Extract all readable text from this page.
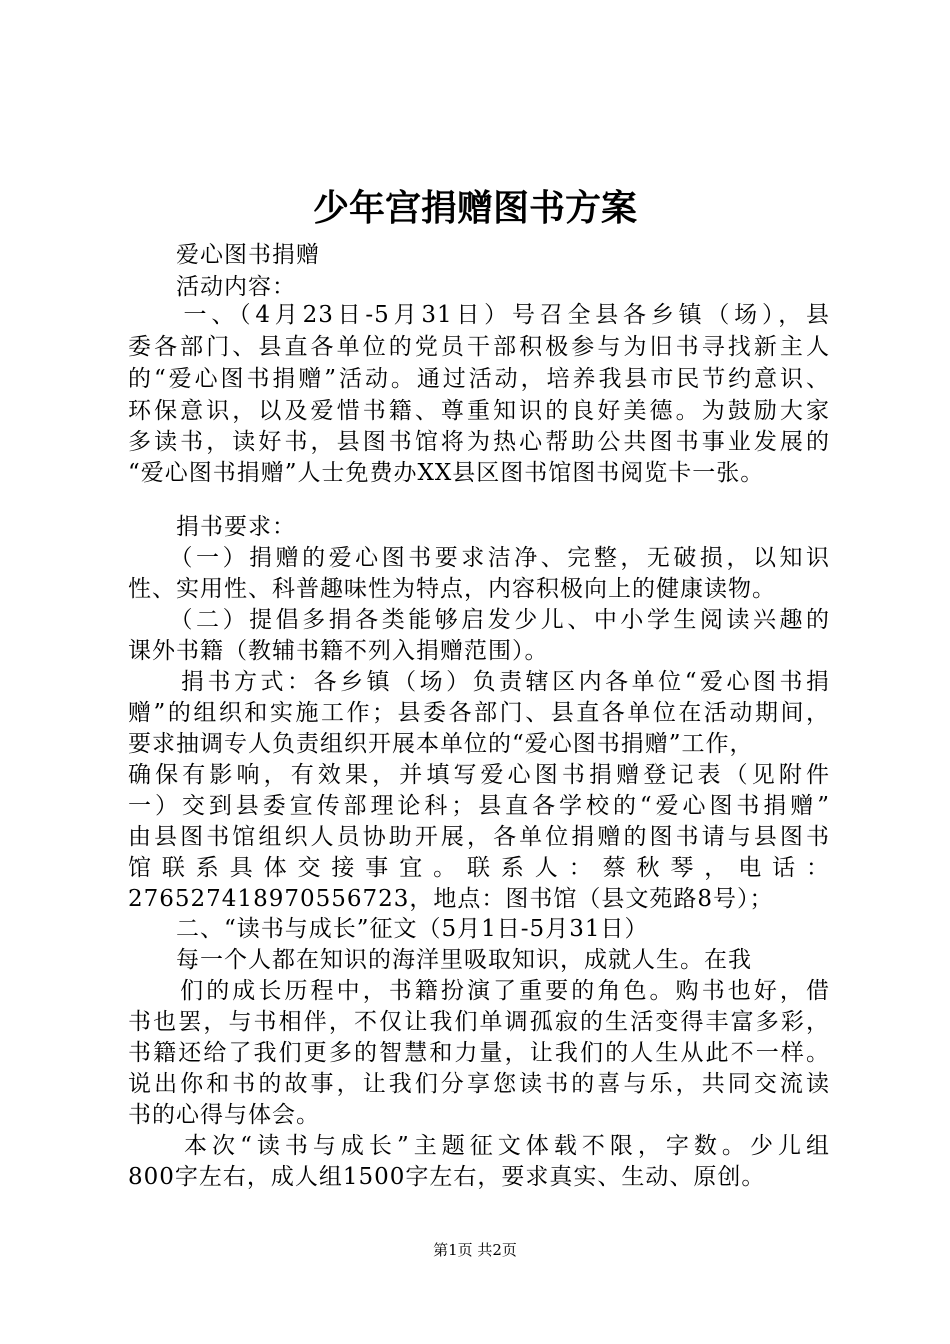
少年宫捐赠图书方案
　　爱心图书捐赠
　　活动内容：
　　一、（4月23日-5月31日）号召全县各乡镇（场），县
委各部门、县直各单位的党员干部积极参与为旧书寻找新主人
的“爱心图书捐赠”活动。通过活动，培养我县市民节约意识、
环保意识，以及爱惜书籍、尊重知识的良好美德。为鼓励大家
多读书，读好书，县图书馆将为热心帮助公共图书事业发展的
“爱心图书捐赠”人士免费办XX县区图书馆图书阅览卡一张。
　　捐书要求：
　　（一）捐赠的爱心图书要求洁净、完整，无破损，以知识
性、实用性、科普趣味性为特点，内容积极向上的健康读物。
　　（二）提倡多捐各类能够启发少儿、中小学生阅读兴趣的
课外书籍（教辅书籍不列入捐赠范围）。
　　捐书方式：各乡镇（场）负责辖区内各单位“爱心图书捐
赠”的组织和实施工作；县委各部门、县直各单位在活动期间，
要求抽调专人负责组织开展本单位的“爱心图书捐赠”工作，
确保有影响，有效果，并填写爱心图书捐赠登记表（见附件
一）交到县委宣传部理论科；县直各学校的“爱心图书捐赠”
由县图书馆组织人员协助开展，各单位捐赠的图书请与县图书
馆联系具体交接事宜。联系人：蔡秋琴，电话：
27652741897055​6723，地点：图书馆（县文苑路8号）；
　　二、“读书与成长”征文（5月1日-5月31日）
　　每一个人都在知识的海洋里吸取知识，成就人生。在我
　　们的成长历程中，书籍扮演了重要的角色。购书也好，借
书也罢，与书相伴，不仅让我们单调孤寂的生活变得丰富多彩，
书籍还给了我们更多的智慧和力量，让我们的人生从此不一样。
说出你和书的故事，让我们分享您读书的喜与乐，共同交流读
书的心得与体会。
　　本次“读书与成长”主题征文体载不限，字数。少儿组
800字左右，成人组1500字左右，要求真实、生动、原创。
第1页 共2页
